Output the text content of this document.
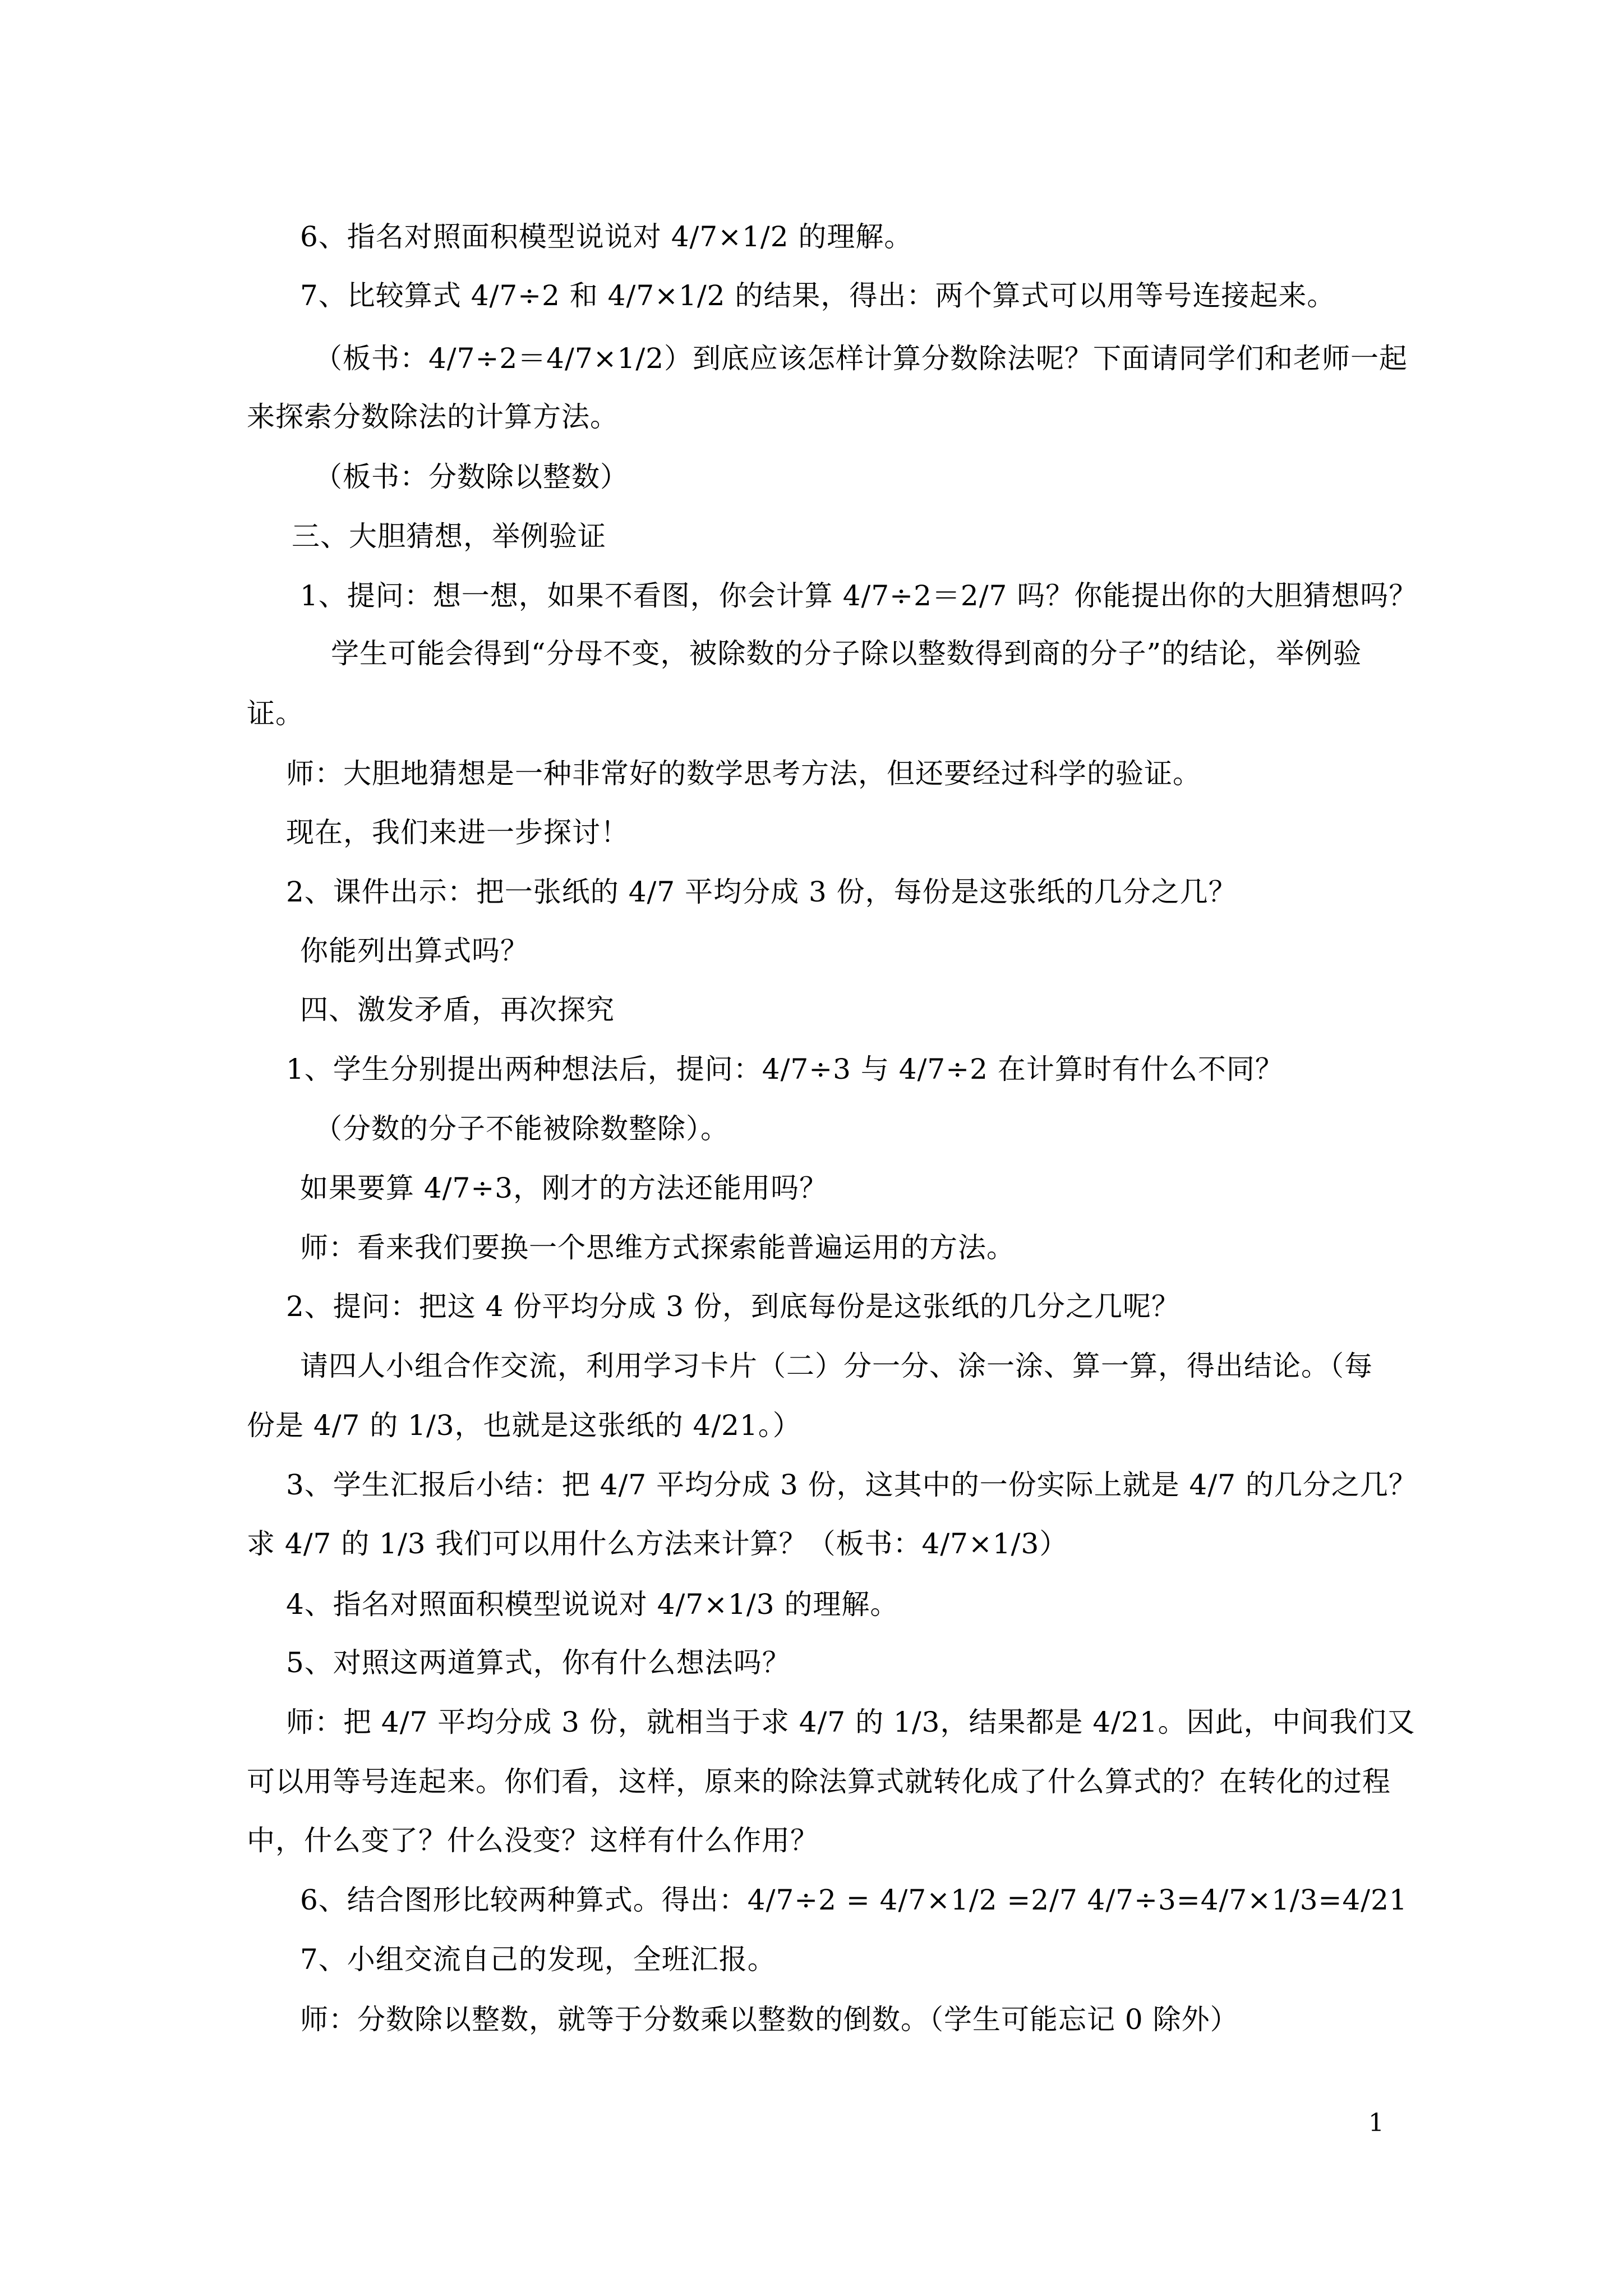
6、指名对照面积模型说说对 4/7×1/2 的理解。
7、比较算式 4/7÷2 和 4/7×1/2 的结果，得出：两个算式可以用等号连接起来。
（板书：4/7÷2＝4/7×1/2）到底应该怎样计算分数除法呢？下面请同学们和老师一起
来探索分数除法的计算方法。
（板书：分数除以整数）
三、大胆猜想，举例验证
1、提问：想一想，如果不看图，你会计算 4/7÷2＝2/7 吗？你能提出你的大胆猜想吗？
学生可能会得到“分母不变，被除数的分子除以整数得到商的分子”的结论，举例验
证。
师：大胆地猜想是一种非常好的数学思考方法，但还要经过科学的验证。
现在，我们来进一步探讨！
2、课件出示：把一张纸的 4/7 平均分成 3 份，每份是这张纸的几分之几？
你能列出算式吗？
四、激发矛盾，再次探究
1、学生分别提出两种想法后，提问：4/7÷3 与 4/7÷2 在计算时有什么不同？
（分数的分子不能被除数整除）。
如果要算 4/7÷3，刚才的方法还能用吗？
师：看来我们要换一个思维方式探索能普遍运用的方法。
2、提问：把这 4 份平均分成 3 份，到底每份是这张纸的几分之几呢？
请四人小组合作交流，利用学习卡片（二）分一分、涂一涂、算一算，得出结论。（每
份是 4/7 的 1/3，也就是这张纸的 4/21。）
3、学生汇报后小结：把 4/7 平均分成 3 份，这其中的一份实际上就是 4/7 的几分之几？
求 4/7 的 1/3 我们可以用什么方法来计算？（板书：4/7×1/3）
4、指名对照面积模型说说对 4/7×1/3 的理解。
5、对照这两道算式，你有什么想法吗？
师：把 4/7 平均分成 3 份，就相当于求 4/7 的 1/3，结果都是 4/21。因此，中间我们又
可以用等号连起来。你们看，这样，原来的除法算式就转化成了什么算式的？在转化的过程
中，什么变了？什么没变？这样有什么作用？
6、结合图形比较两种算式。得出：4/7÷2 = 4/7×1/2 =2/7 4/7÷3=4/7×1/3=4/21
7、小组交流自己的发现，全班汇报。
师：分数除以整数，就等于分数乘以整数的倒数。（学生可能忘记 0 除外）
1
